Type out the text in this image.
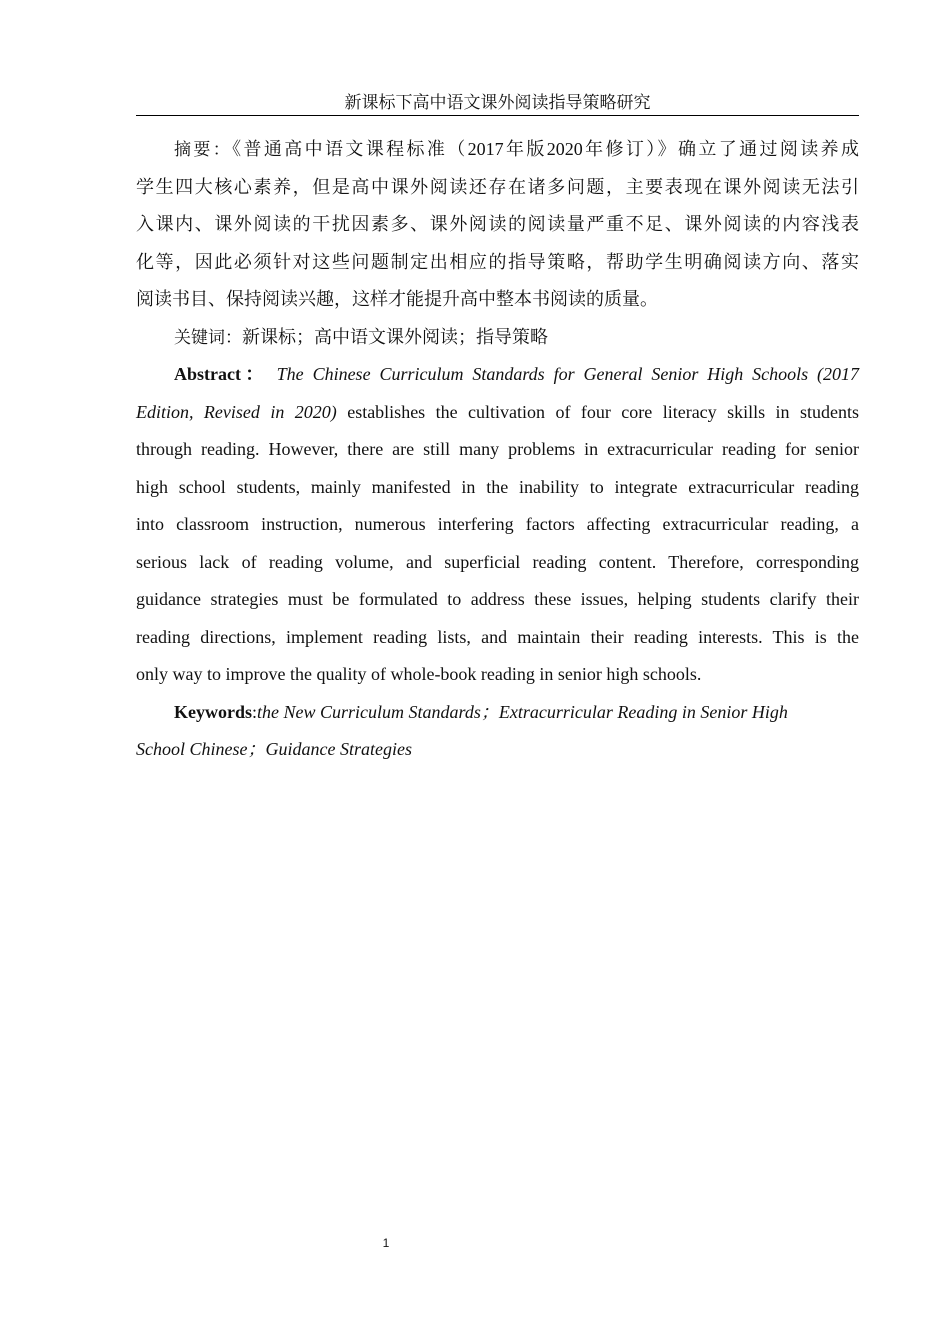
新课标下高中语文课外阅读指导策略研究
摘要：《普通高中语文课程标准（2017年版2020年修订）》确立了通过阅读养成
学生四大核心素养，但是高中课外阅读还存在诸多问题，主要表现在课外阅读无法引
入课内、课外阅读的干扰因素多、课外阅读的阅读量严重不足、课外阅读的内容浅表
化等，因此必须针对这些问题制定出相应的指导策略，帮助学生明确阅读方向、落实
阅读书目、保持阅读兴趣，这样才能提升高中整本书阅读的质量。
关键词：新课标；高中语文课外阅读；指导策略
Abstract： The Chinese Curriculum Standards for General Senior High Schools (2017
Edition, Revised in 2020) establishes the cultivation of four core literacy skills in students
through reading. However, there are still many problems in extracurricular reading for senior
high school students, mainly manifested in the inability to integrate extracurricular reading
into classroom instruction, numerous interfering factors affecting extracurricular reading, a
serious lack of reading volume, and superficial reading content. Therefore, corresponding
guidance strategies must be formulated to address these issues, helping students clarify their
reading directions, implement reading lists, and maintain their reading interests. This is the
only way to improve the quality of whole-book reading in senior high schools.
Keywords:the New Curriculum Standards；Extracurricular Reading in Senior High
School Chinese；Guidance Strategies
1
